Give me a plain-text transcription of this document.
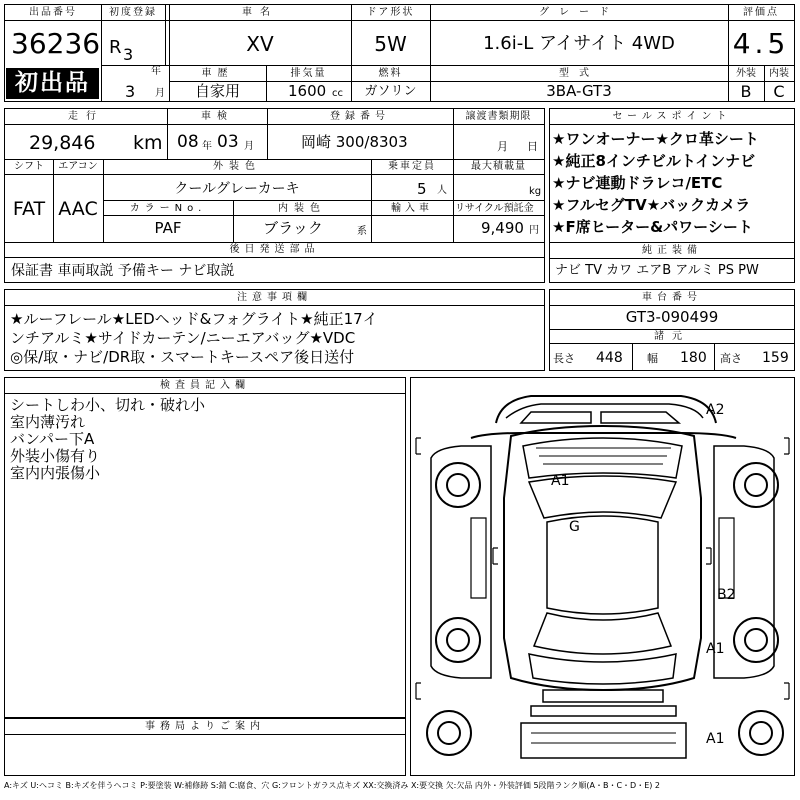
出品番号
36236
初出品
初度登録
R 3
年
3 月
車名
XV
ドア形状
5W
グレード
1.6i-L アイサイト 4WD
評価点
4.5
車歴
自家用
排気量
1600 cc
燃料
ガソリン
型式
3BA-GT3
外装	内装
B	C
走行
29,846 km
車検
08 年 03 月
登録番号
岡崎 300/8303
譲渡書類期限
月 日
シフト
FAT
エアコン
AAC
外装色
クールグレーカーキ
乗車定員
5 人
最大積載量
kg
カラーNo.
PAF
内装色
ブラック	系
輸入車	リサイクル預託金
9,490 円
後日発送部品
保証書 車両取説 予備キー ナビ取説
セールスポイント
★ワンオーナー★クロ革シート
★純正8インチビルトインナビ
★ナビ連動ドラレコ/ETC
★フルセグTV★バックカメラ
★F席ヒーター&パワーシート
純正装備
ナビ TV カワ エアB アルミ PS PW
注意事項欄
★ルーフレール★LEDヘッド&フォグライト★純正17イ
ンチアルミ★サイドカーテン/ニーエアバッグ★VDC
◎保/取・ナビ/DR取・スマートキースペア後日送付
車台番号
GT3-090499
諸元
長さ 448 幅 180 高さ 159
検査員記入欄
シートしわ小、切れ・破れ小
室内薄汚れ
バンパー下A
外装小傷有り
室内内張傷小
事務局よりご案内
A2
A1
G
B2
A1
A1
A:キズ U:ヘコミ B:キズを伴うヘコミ P:要塗装 W:補修跡 S:錆 C:腐食、穴 G:フロントガラス点キズ XX:交換済み X:要交換 欠:欠品 内外・外装評価 5段階ランク順(A・B・C・D・E) 2
